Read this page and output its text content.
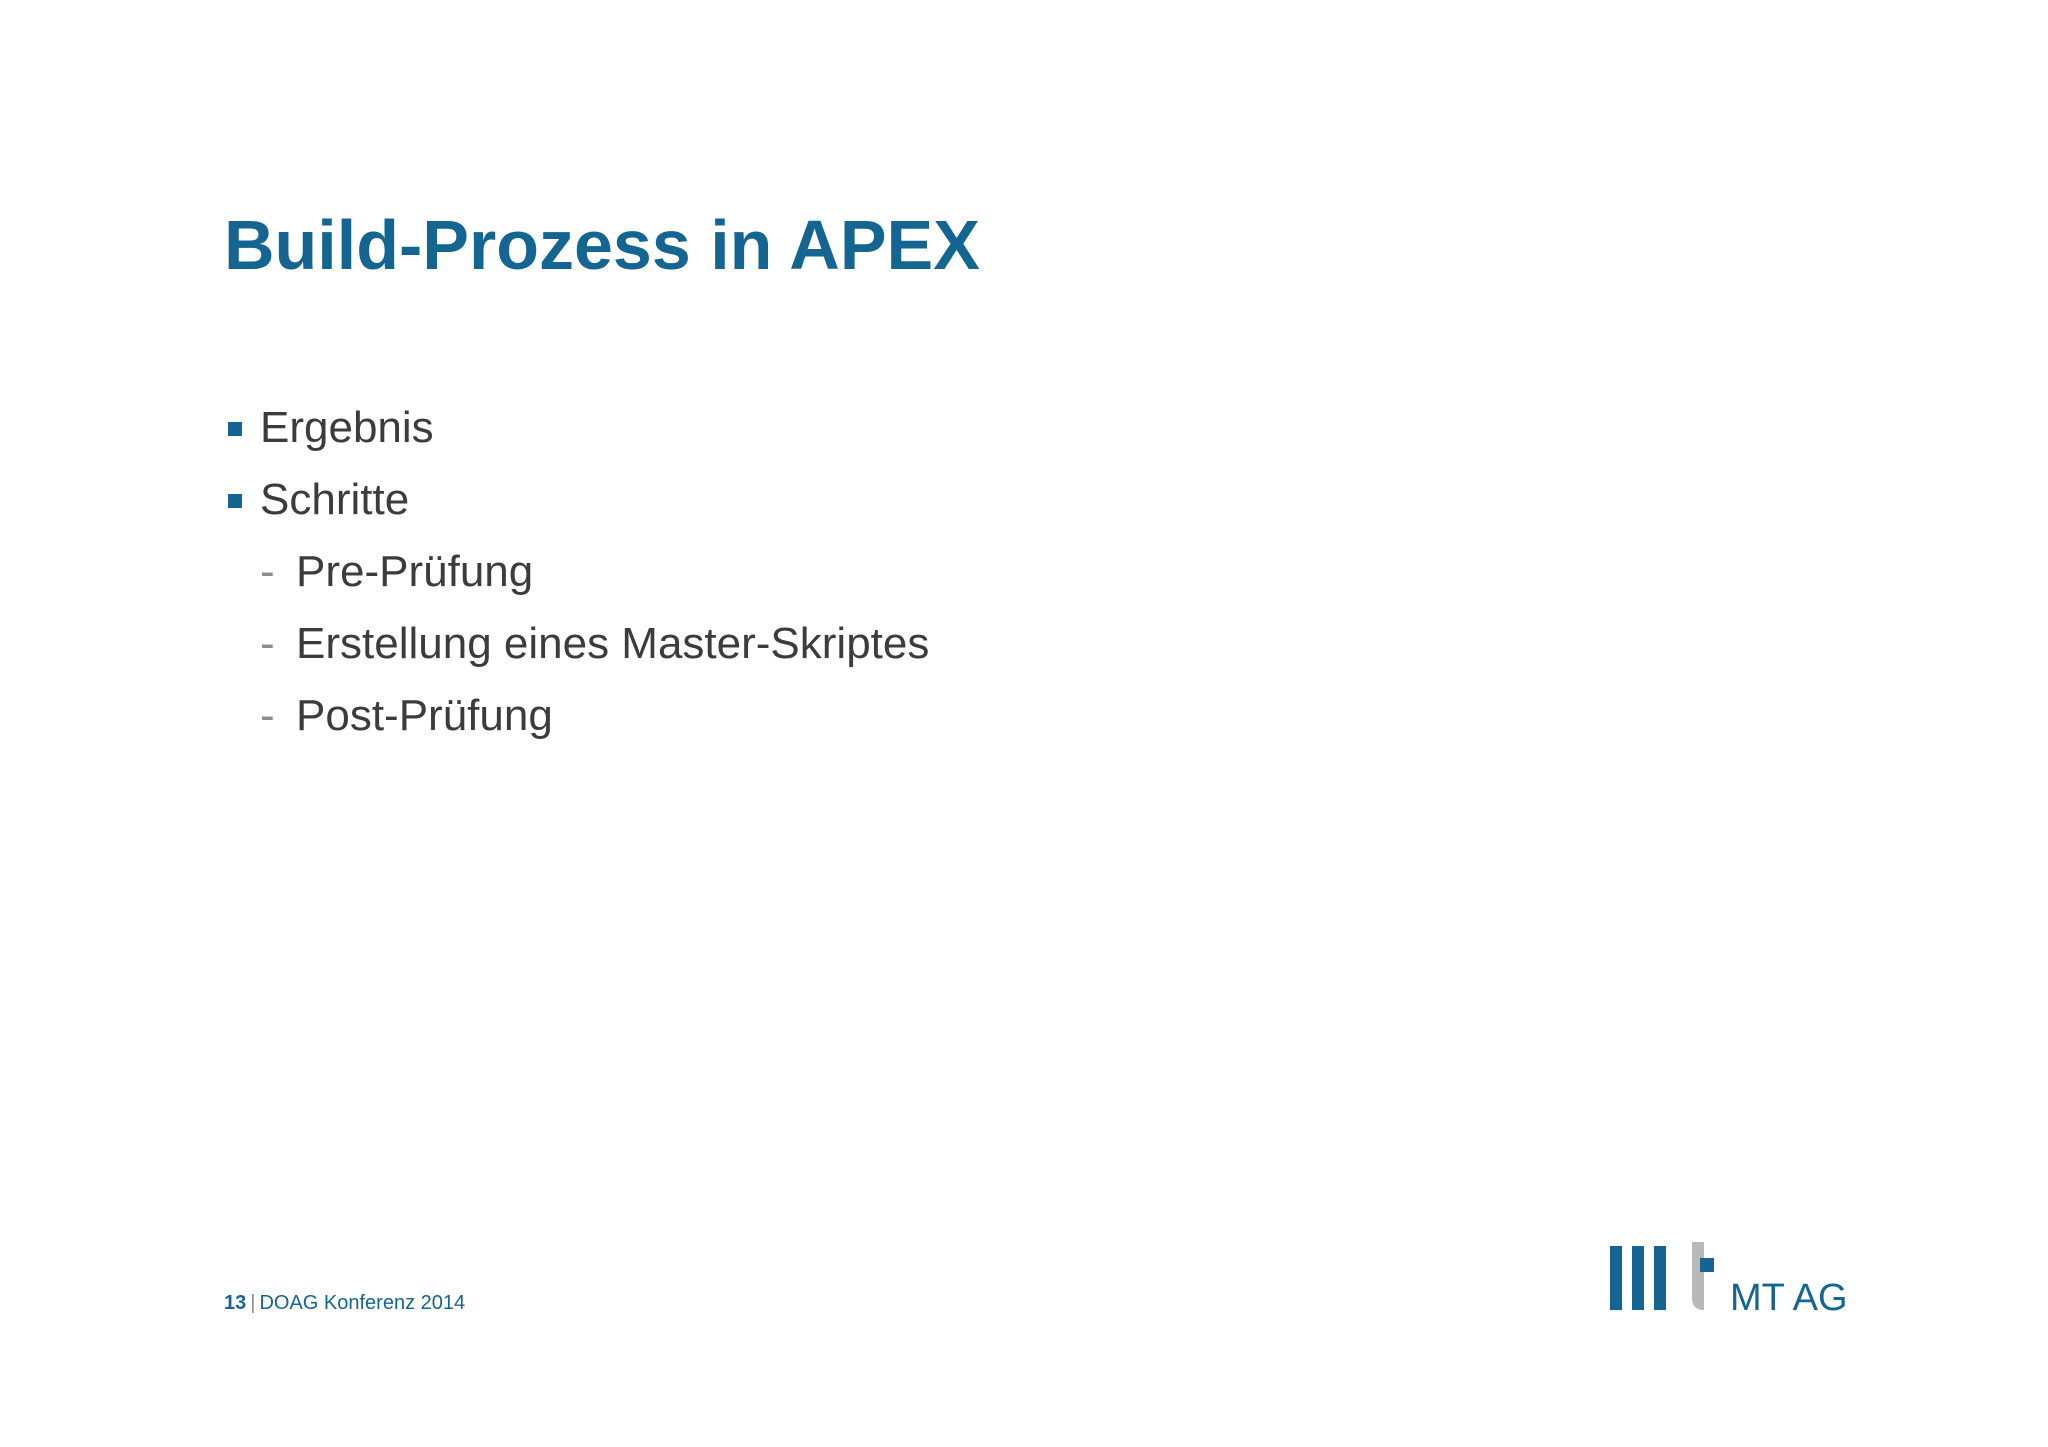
Build-Prozess in APEX
Ergebnis
Schritte
- Pre-Prüfung
- Erstellung eines Master-Skriptes
- Post-Prüfung
13 | DOAG Konferenz 2014	MT AG
